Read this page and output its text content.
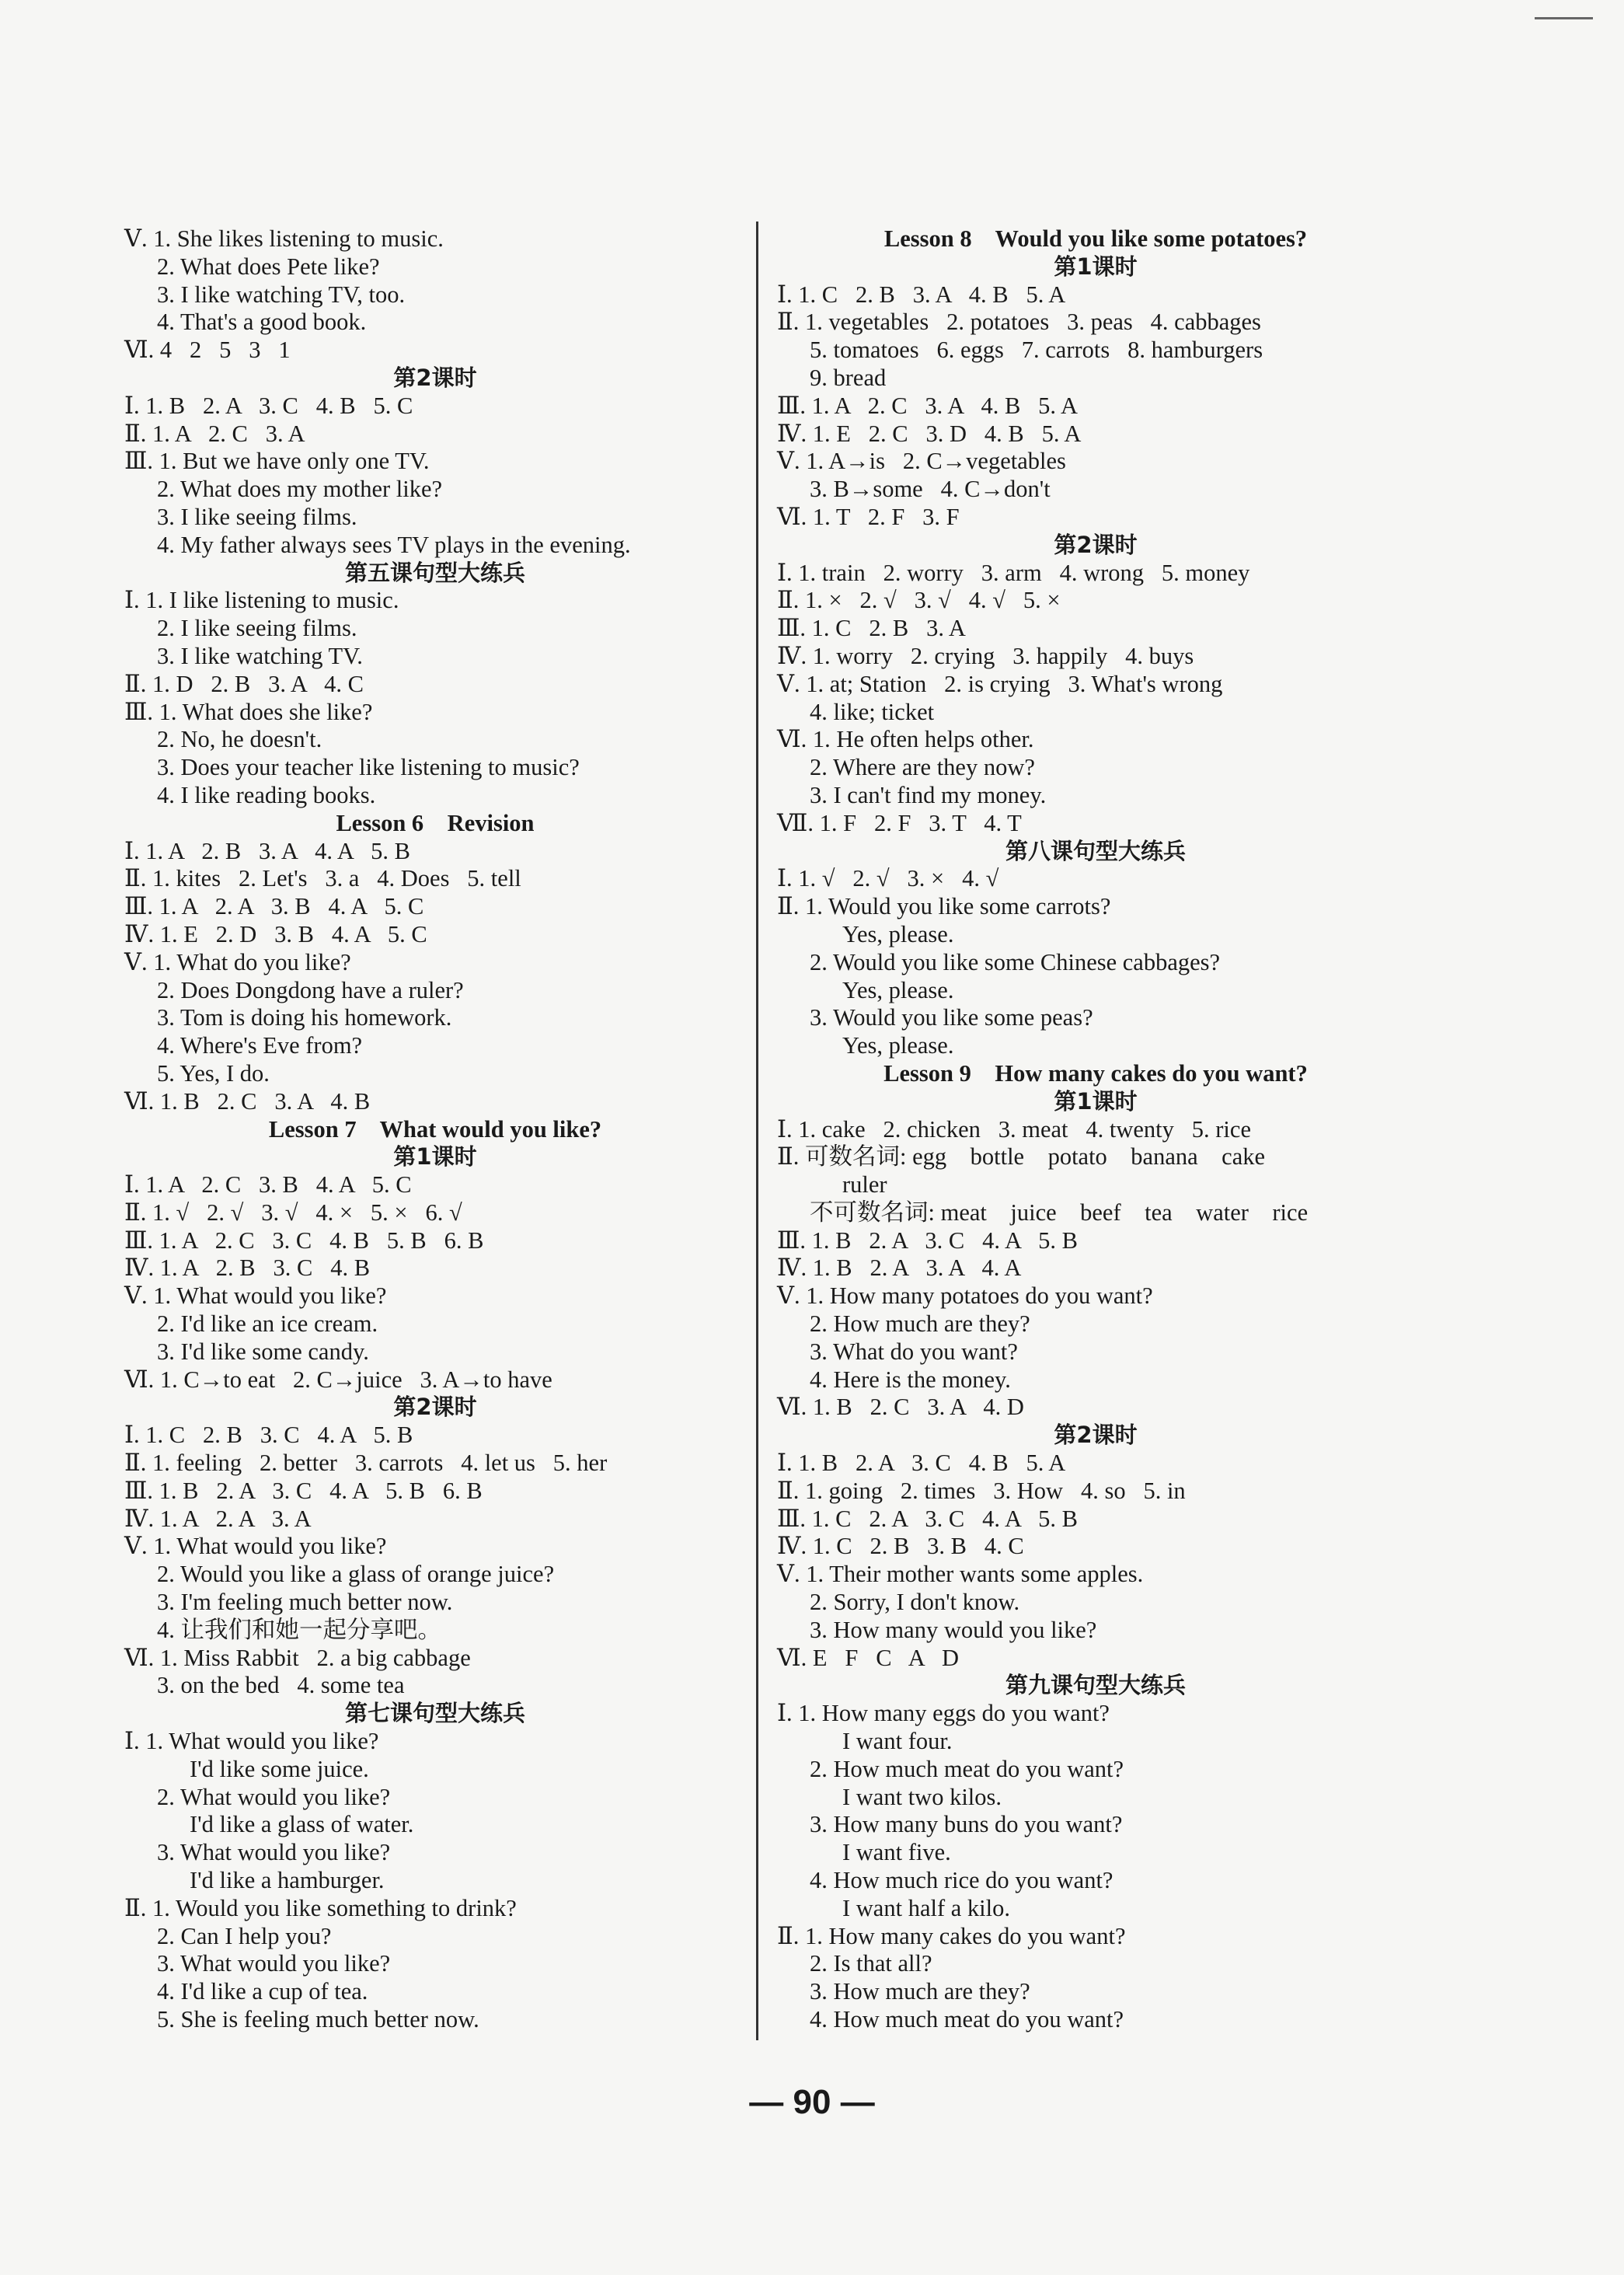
Ⅴ. 1. She likes listening to music.
2. What does Pete like?
3. I like watching TV, too.
4. That's a good book.
Ⅵ. 4   2   5   3   1
第2课时
Ⅰ. 1. B   2. A   3. C   4. B   5. C
Ⅱ. 1. A   2. C   3. A
Ⅲ. 1. But we have only one TV.
2. What does my mother like?
3. I like seeing films.
4. My father always sees TV plays in the evening.
第五课句型大练兵
Ⅰ. 1. I like listening to music.
2. I like seeing films.
3. I like watching TV.
Ⅱ. 1. D   2. B   3. A   4. C
Ⅲ. 1. What does she like?
2. No, he doesn't.
3. Does your teacher like listening to music?
4. I like reading books.
Lesson 6    Revision
Ⅰ. 1. A   2. B   3. A   4. A   5. B
Ⅱ. 1. kites   2. Let's   3. a   4. Does   5. tell
Ⅲ. 1. A   2. A   3. B   4. A   5. C
Ⅳ. 1. E   2. D   3. B   4. A   5. C
Ⅴ. 1. What do you like?
2. Does Dongdong have a ruler?
3. Tom is doing his homework.
4. Where's Eve from?
5. Yes, I do.
Ⅵ. 1. B   2. C   3. A   4. B
Lesson 7    What would you like?
第1课时
Ⅰ. 1. A   2. C   3. B   4. A   5. C
Ⅱ. 1. √   2. √   3. √   4. ×   5. ×   6. √
Ⅲ. 1. A   2. C   3. C   4. B   5. B   6. B
Ⅳ. 1. A   2. B   3. C   4. B
Ⅴ. 1. What would you like?
2. I'd like an ice cream.
3. I'd like some candy.
Ⅵ. 1. C→to eat   2. C→juice   3. A→to have
第2课时
Ⅰ. 1. C   2. B   3. C   4. A   5. B
Ⅱ. 1. feeling   2. better   3. carrots   4. let us   5. her
Ⅲ. 1. B   2. A   3. C   4. A   5. B   6. B
Ⅳ. 1. A   2. A   3. A
Ⅴ. 1. What would you like?
2. Would you like a glass of orange juice?
3. I'm feeling much better now.
4. 让我们和她一起分享吧。
Ⅵ. 1. Miss Rabbit   2. a big cabbage
3. on the bed   4. some tea
第七课句型大练兵
Ⅰ. 1. What would you like?
I'd like some juice.
2. What would you like?
I'd like a glass of water.
3. What would you like?
I'd like a hamburger.
Ⅱ. 1. Would you like something to drink?
2. Can I help you?
3. What would you like?
4. I'd like a cup of tea.
5. She is feeling much better now.
Lesson 8    Would you like some potatoes?
第1课时
Ⅰ. 1. C   2. B   3. A   4. B   5. A
Ⅱ. 1. vegetables   2. potatoes   3. peas   4. cabbages
5. tomatoes   6. eggs   7. carrots   8. hamburgers
9. bread
Ⅲ. 1. A   2. C   3. A   4. B   5. A
Ⅳ. 1. E   2. C   3. D   4. B   5. A
Ⅴ. 1. A→is   2. C→vegetables
3. B→some   4. C→don't
Ⅵ. 1. T   2. F   3. F
第2课时
Ⅰ. 1. train   2. worry   3. arm   4. wrong   5. money
Ⅱ. 1. ×   2. √   3. √   4. √   5. ×
Ⅲ. 1. C   2. B   3. A
Ⅳ. 1. worry   2. crying   3. happily   4. buys
Ⅴ. 1. at; Station   2. is crying   3. What's wrong
4. like; ticket
Ⅵ. 1. He often helps other.
2. Where are they now?
3. I can't find my money.
Ⅶ. 1. F   2. F   3. T   4. T
第八课句型大练兵
Ⅰ. 1. √   2. √   3. ×   4. √
Ⅱ. 1. Would you like some carrots?
Yes, please.
2. Would you like some Chinese cabbages?
Yes, please.
3. Would you like some peas?
Yes, please.
Lesson 9    How many cakes do you want?
第1课时
Ⅰ. 1. cake   2. chicken   3. meat   4. twenty   5. rice
Ⅱ. 可数名词: egg    bottle    potato    banana    cake
ruler
不可数名词: meat    juice    beef    tea    water    rice
Ⅲ. 1. B   2. A   3. C   4. A   5. B
Ⅳ. 1. B   2. A   3. A   4. A
Ⅴ. 1. How many potatoes do you want?
2. How much are they?
3. What do you want?
4. Here is the money.
Ⅵ. 1. B   2. C   3. A   4. D
第2课时
Ⅰ. 1. B   2. A   3. C   4. B   5. A
Ⅱ. 1. going   2. times   3. How   4. so   5. in
Ⅲ. 1. C   2. A   3. C   4. A   5. B
Ⅳ. 1. C   2. B   3. B   4. C
Ⅴ. 1. Their mother wants some apples.
2. Sorry, I don't know.
3. How many would you like?
Ⅵ. E   F   C   A   D
第九课句型大练兵
Ⅰ. 1. How many eggs do you want?
I want four.
2. How much meat do you want?
I want two kilos.
3. How many buns do you want?
I want five.
4. How much rice do you want?
I want half a kilo.
Ⅱ. 1. How many cakes do you want?
2. Is that all?
3. How much are they?
4. How much meat do you want?
— 90 —
